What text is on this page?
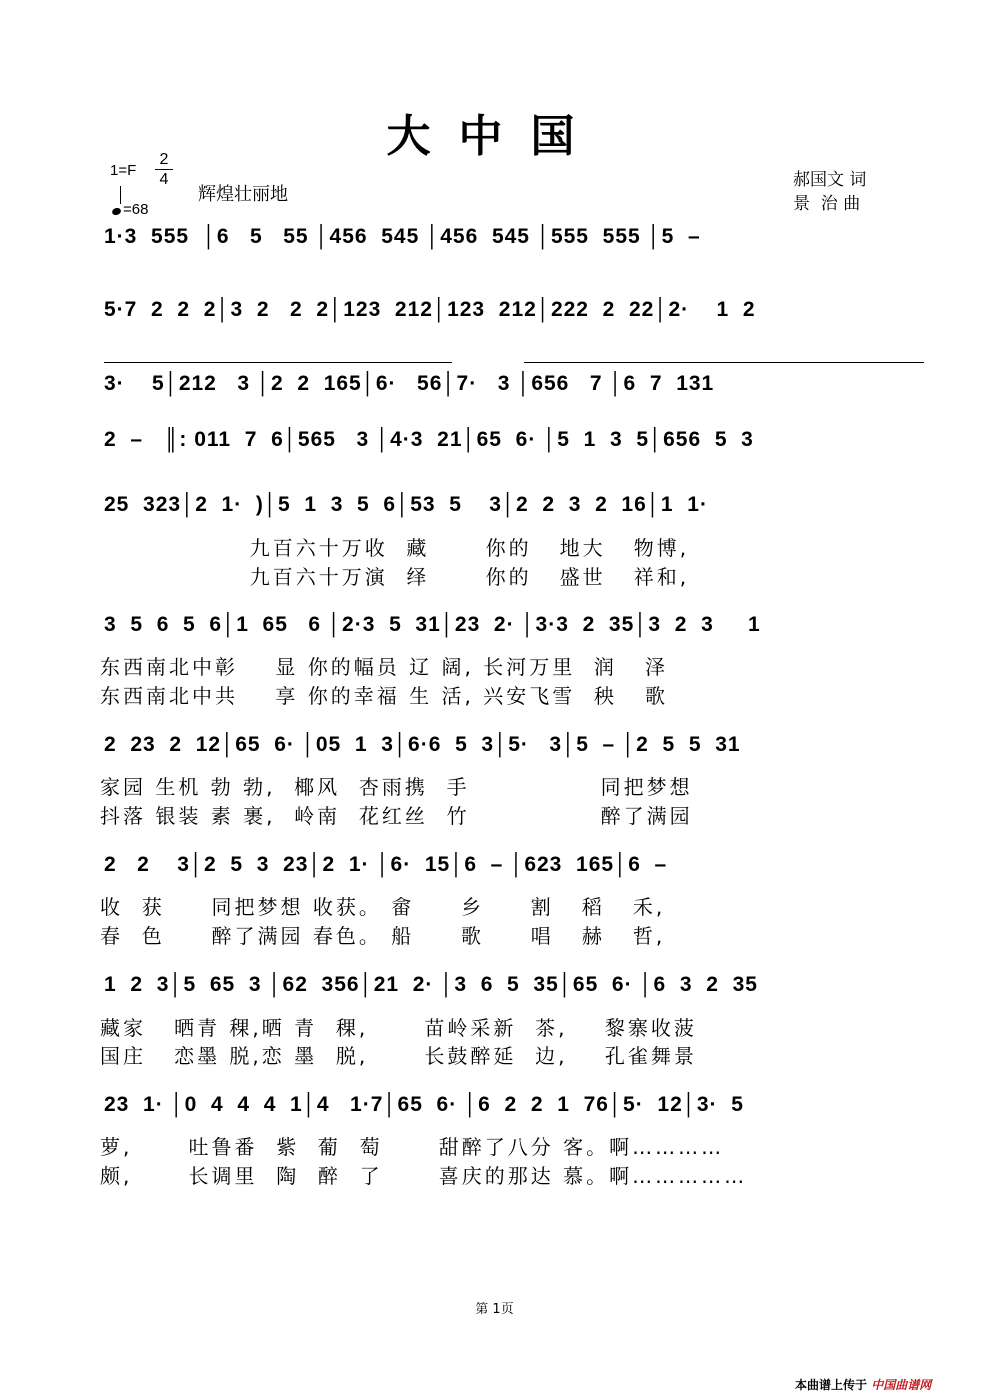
大中国
1=F
2
4
=68
辉煌壮丽地
郝国文 词
景  治 曲
1·3  555  │6   5   55 │456  545 │456  545 │555  555 │5  –
5·7  2  2  2│3  2   2  2│123  212│123  212│222  2  22│2·    1  2
3·    5│212   3 │2  2  165│6·   56│7·   3 │656   7 │6  7  131
2  –   ║: 011  7  6│565   3 │4·3  21│65  6· │5  1  3  5│656  5  3
25  323│2  1·  )│5  1  3  5  6│53  5    3│2  2  3  2  16│1  1·
九百六十万收  藏      你的   地大   物博,
九百六十万演  绎      你的   盛世   祥和,
3  5  6  5  6│1  65   6 │2·3  5  31│23  2· │3·3  2  35│3  2  3     1
东西南北中彰    显 你的幅员 辽 阔, 长河万里  润   泽
东西南北中共    享 你的幸福 生 活, 兴安飞雪  秧   歌
2  23  2  12│65  6· │05  1  3│6·6  5  3│5·   3│5  – │2  5  5  31
家园 生机 勃 勃,  椰风  杏雨携  手              同把梦想
抖落 银装 素 裹,  岭南  花红丝  竹              醉了满园
2   2    3│2  5  3  23│2  1· │6·  15│6  – │623  165│6  –
收  获     同把梦想 收获。 畲     乡     割   稻   禾,
春  色     醉了满园 春色。 船     歌     唱   赫   哲,
1  2  3│5  65  3 │62  356│21  2· │3  6  5  35│65  6· │6  3  2  35
藏家   晒青 稞,晒 青  稞,      苗岭采新  茶,    黎寨收菠
国庄   恋墨 脱,恋 墨  脱,      长鼓醉延  边,    孔雀舞景
23  1· │0  4  4  4  1│4   1·7│65  6· │6  2  2  1  76│5·  12│3·  5
萝,      吐鲁番  紫  葡  萄      甜醉了八分 客。啊…………
颇,      长调里  陶  醉  了      喜庆的那达 慕。啊……………
第 1页
本曲谱上传于 中国曲谱网
